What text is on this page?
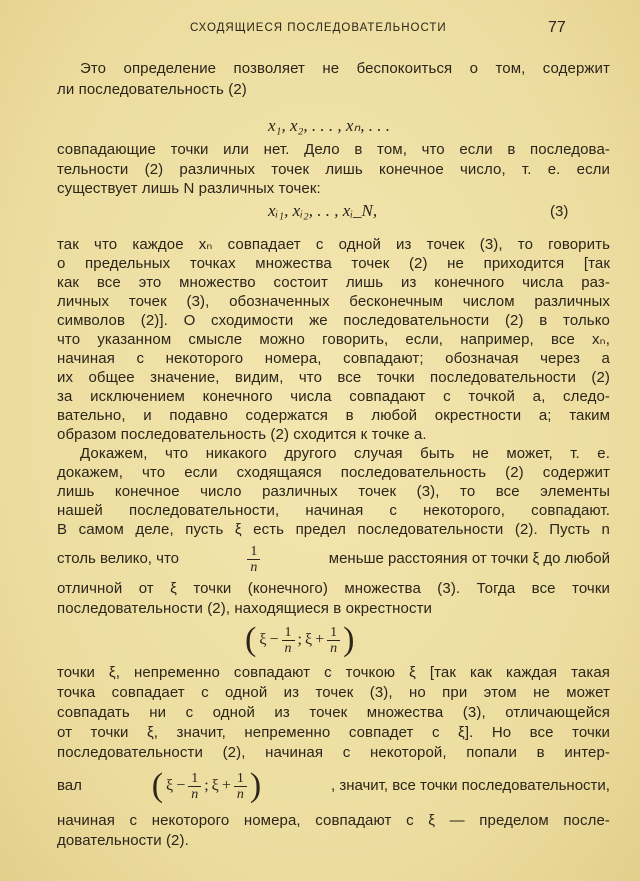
СХОДЯЩИЕСЯ ПОСЛЕДОВАТЕЛЬНОСТИ	77
Это определение позволяет не беспокоиться о том, содержит
ли последовательность (2)
x₁, x₂, . . . , xₙ, . . .
совпадающие точки или нет. Дело в том, что если в последова-
тельности (2) различных точек лишь конечное число, т. е. если
существует лишь N различных точек:
xᵢ₁, xᵢ₂, . . , xᵢ_N,	(3)
так что каждое xₙ совпадает с одной из точек (3), то говорить
о предельных точках множества точек (2) не приходится [так
как все это множество состоит лишь из конечного числа раз-
личных точек (3), обозначенных бесконечным числом различных
символов (2)]. О сходимости же последовательности (2) в только
что указанном смысле можно говорить, если, например, все xₙ,
начиная с некоторого номера, совпадают; обозначая через a
их общее значение, видим, что все точки последовательности (2)
за исключением конечного числа совпадают с точкой a, следо-
вательно, и подавно содержатся в любой окрестности a; таким
образом последовательность (2) сходится к точке a.
Докажем, что никакого другого случая быть не может, т. е.
докажем, что если сходящаяся последовательность (2) содержит
лишь конечное число различных точек (3), то все элементы
нашей последовательности, начиная с некоторого, совпадают.
В самом деле, пусть ξ есть предел последовательности (2). Пусть n
столь велико, что	$\frac{1}{n}$	меньше расстояния от точки ξ до любой
отличной от ξ точки (конечного) множества (3). Тогда все точки
последовательности (2), находящиеся в окрестности
( $\xi - \frac{1}{n}$ ; $\xi + \frac{1}{n}$ )
точки ξ, непременно совпадают с точкою ξ [так как каждая такая
точка совпадает с одной из точек (3), но при этом не может
совпадать ни с одной из точек множества (3), отличающейся
от точки ξ, значит, непременно совпадет с ξ]. Но все точки
последовательности (2), начиная с некоторой, попали в интер-
вал ( $\xi - \frac{1}{n}$ ; $\xi + \frac{1}{n}$ )	, значит, все точки последовательности,
начиная с некоторого номера, совпадают с ξ — пределом после-
довательности (2).
